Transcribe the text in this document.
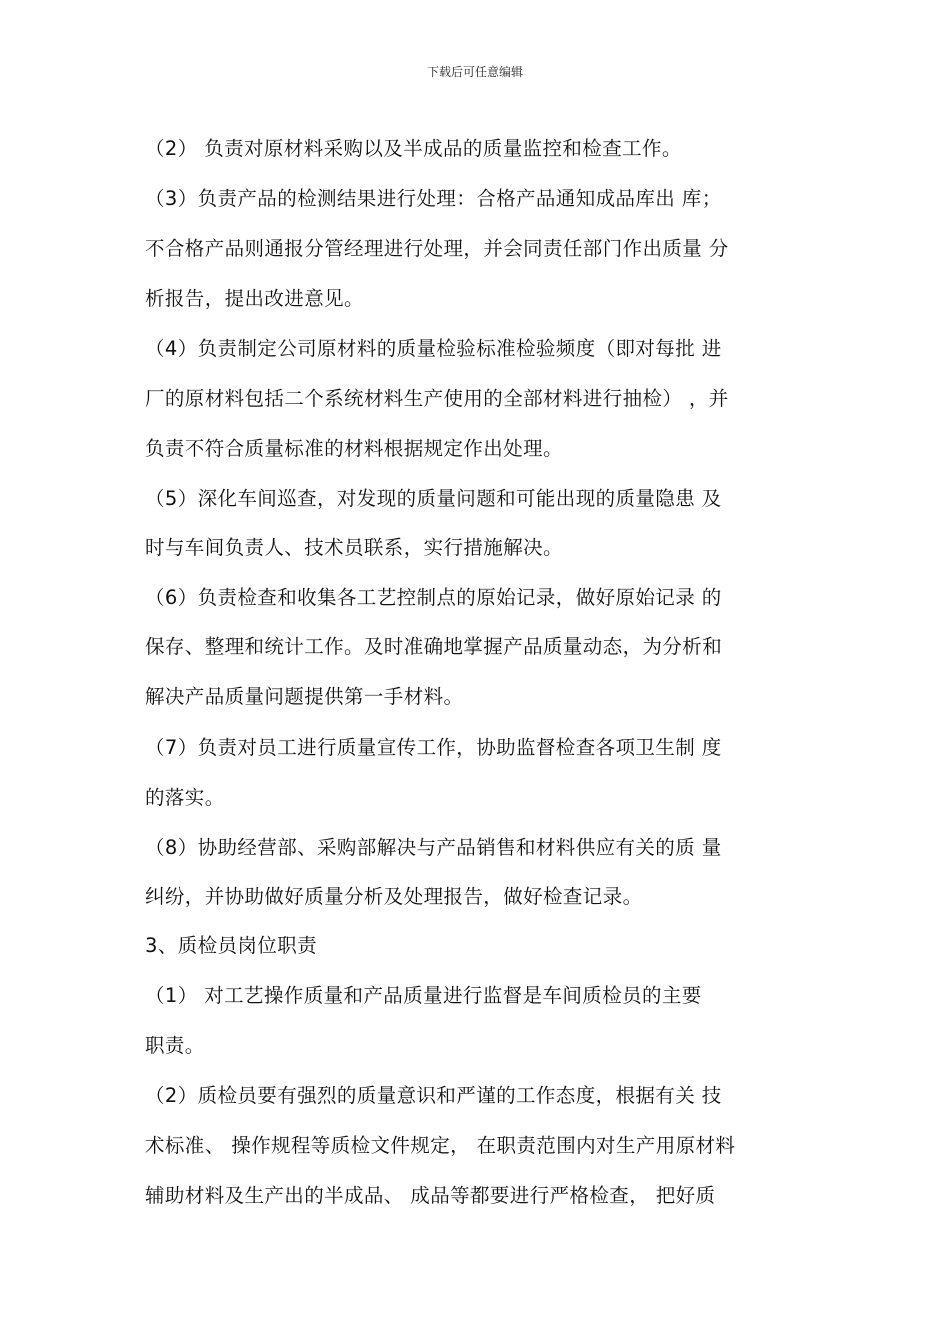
下载后可任意编辑
（2） 负责对原材料采购以及半成品的质量监控和检查工作。
（3）负责产品的检测结果进行处理：合格产品通知成品库出 库；
不合格产品则通报分管经理进行处理，并会同责任部门作出质量 分
析报告，提出改进意见。
（4）负责制定公司原材料的质量检验标准检验频度（即对每批 进
厂的原材料包括二个系统材料生产使用的全部材料进行抽检） ，并
负责不符合质量标准的材料根据规定作出处理。
（5）深化车间巡查，对发现的质量问题和可能出现的质量隐患 及
时与车间负责人、技术员联系，实行措施解决。
（6）负责检查和收集各工艺控制点的原始记录，做好原始记录 的
保存、整理和统计工作。及时准确地掌握产品质量动态，为分析和
解决产品质量问题提供第一手材料。
（7）负责对员工进行质量宣传工作，协助监督检查各项卫生制 度
的落实。
（8）协助经营部、采购部解决与产品销售和材料供应有关的质 量
纠纷，并协助做好质量分析及处理报告，做好检查记录。
3、质检员岗位职责
（1） 对工艺操作质量和产品质量进行监督是车间质检员的主要
职责。
（2）质检员要有强烈的质量意识和严谨的工作态度，根据有关 技
术标准、 操作规程等质检文件规定， 在职责范围内对生产用原材料
辅助材料及生产出的半成品、 成品等都要进行严格检查， 把好质
